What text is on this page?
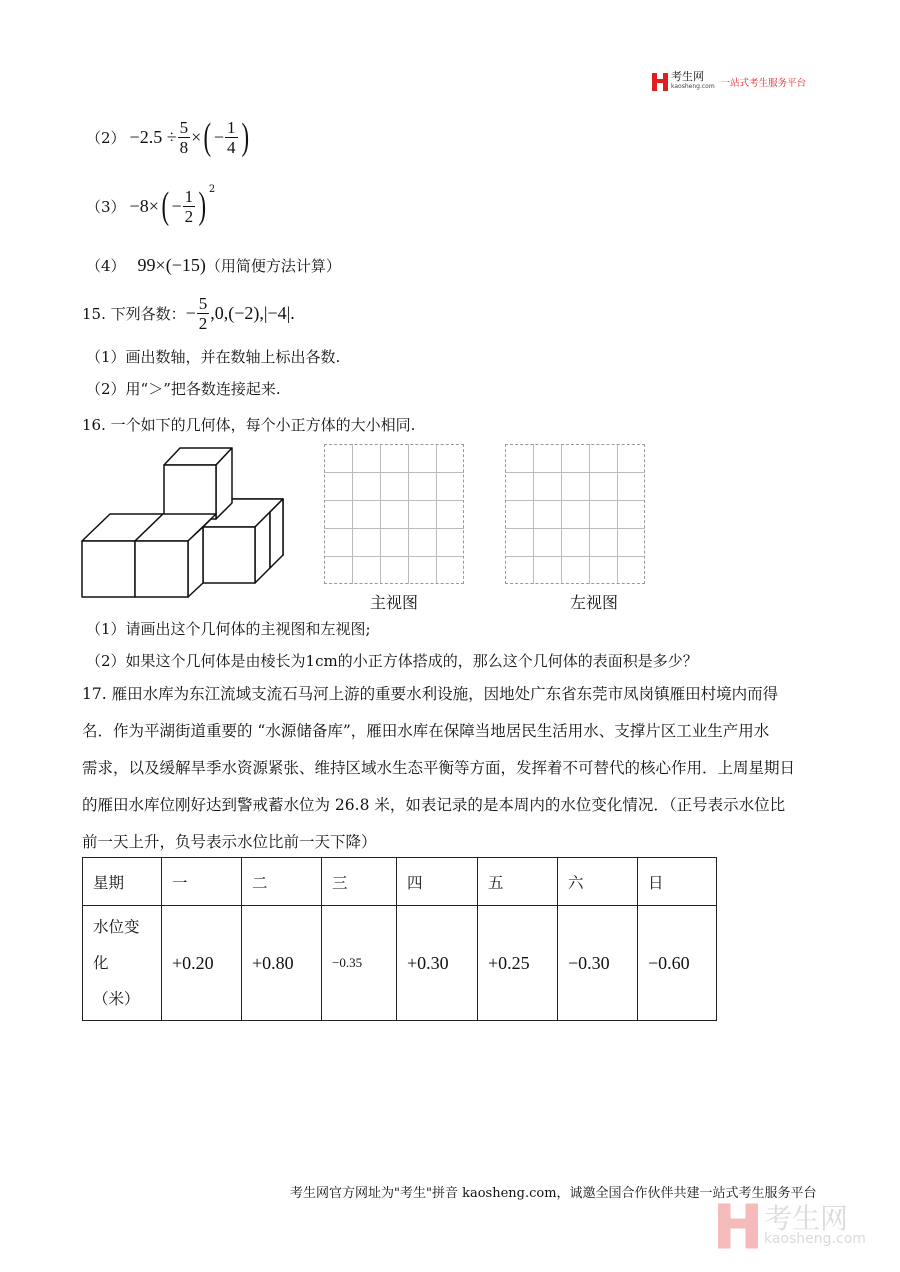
考生网
kaosheng.com 一站式考生服务平台
$(2) -2.5 \div \frac{5}{8}$ × ( − $\frac{1}{4}$ )
（3） −8× ( − $\frac{1}{2}$ ) 2
（4） 99×(−15) （用简便方法计算）
15. 下列各数： − $\frac{5}{2} ,0,(-2),|-4|$.
（1）画出数轴，并在数轴上标出各数.
（2）用“＞”把各数连接起来.
16. 一个如下的几何体，每个小正方体的大小相同.
主视图	左视图
（1）请画出这个几何体的主视图和左视图;
（2）如果这个几何体是由棱长为1cm的小正方体搭成的，那么这个几何体的表面积是多少？
17. 雁田水库为东江流域支流石马河上游的重要水利设施，因地处广东省东莞市凤岗镇雁田村境内而得
名．作为平湖街道重要的 “水源储备库”，雁田水库在保障当地居民生活用水、支撑片区工业生产用水
需求，以及缓解旱季水资源紧张、维持区域水生态平衡等方面，发挥着不可替代的核心作用．上周星期日
的雁田水库位刚好达到警戒蓄水位为 26.8 米，如表记录的是本周内的水位变化情况．（正号表示水位比
前一天上升，负号表示水位比前一天下降）
星期	一	二	三	四	五	六	日

水位变
化
（米）	+0.20	+0.80	−0.35	+0.30	+0.25	−0.30	−0.60
考生网官方网址为"考生"拼音 kaosheng.com，诚邀全国合作伙伴共建一站式考生服务平台
考生网
kaosheng.com
